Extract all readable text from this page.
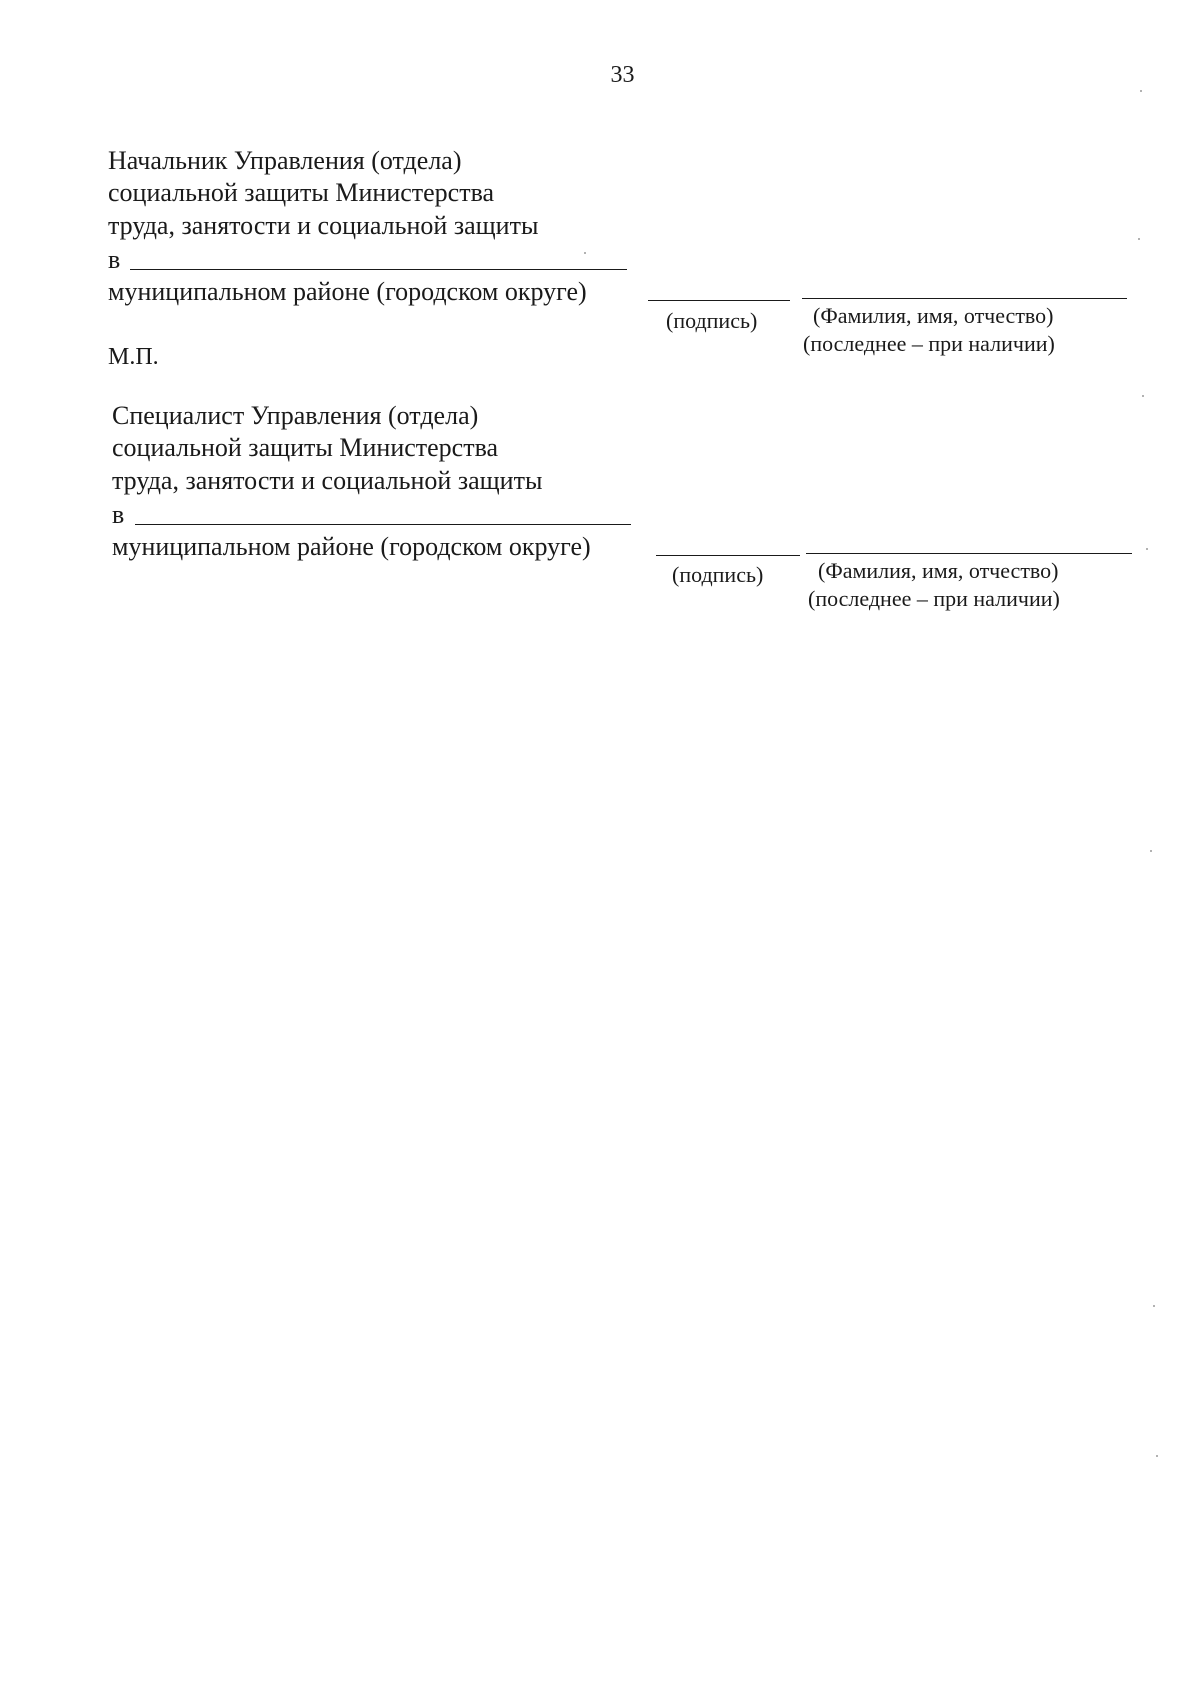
33
Начальник Управления (отдела)
социальной защиты Министерства
труда, занятости и социальной защиты
в
муниципальном районе (городском округе)
(подпись)	(Фамилия, имя, отчество)
(последнее – при наличии)
М.П.
Специалист Управления (отдела)
социальной защиты Министерства
труда, занятости и социальной защиты
в
муниципальном районе (городском округе)
(подпись) (Фамилия, имя, отчество)
(последнее – при наличии)
